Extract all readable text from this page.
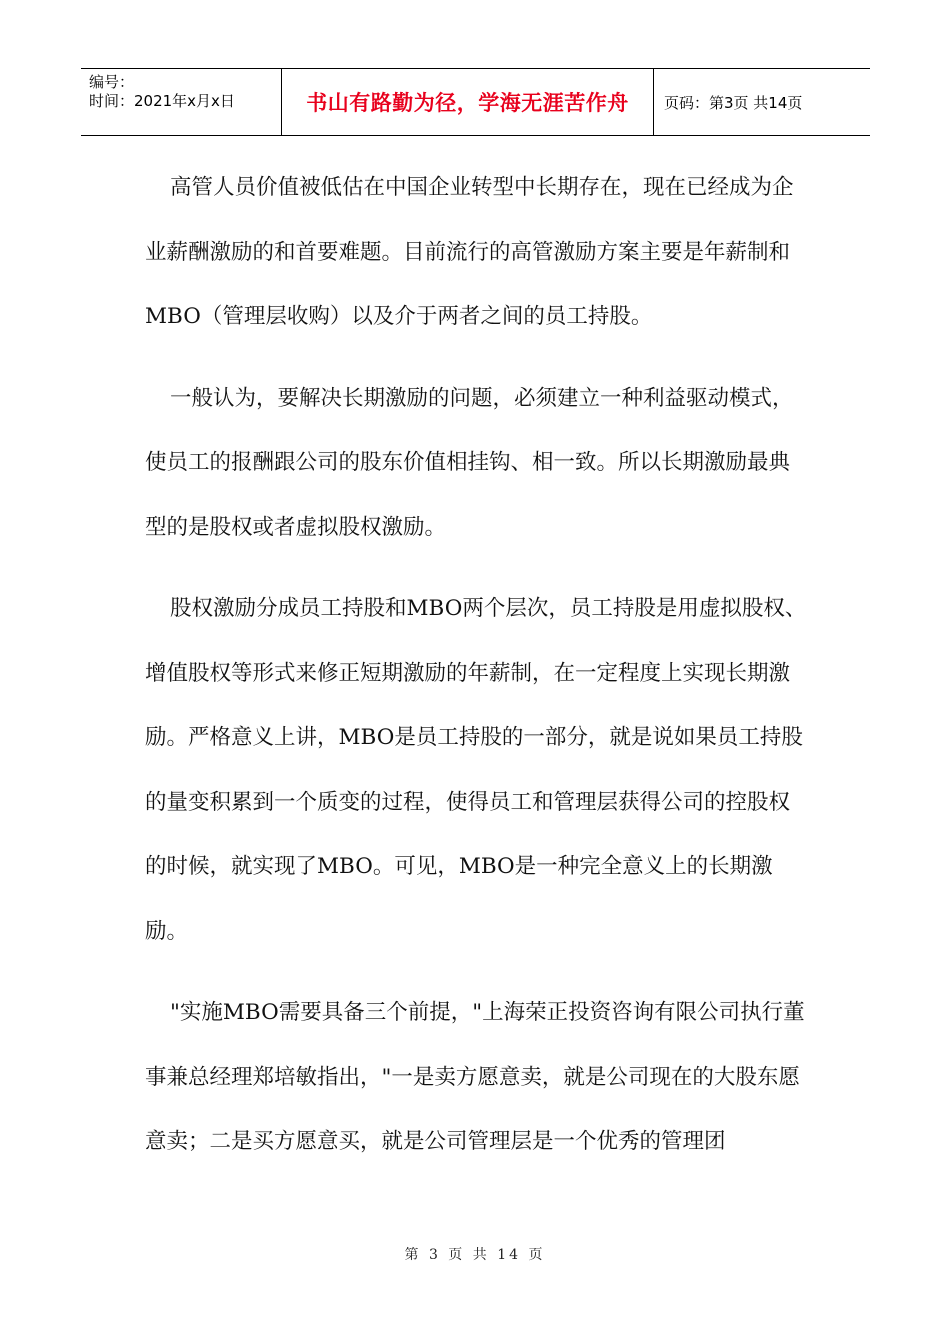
编号：
时间：2021年x月x日	书山有路勤为径，学海无涯苦作舟 页码：第3页 共14页

高管人员价值被低估在中国企业转型中长期存在，现在已经成为企业薪酬激励的和首要难题。目前流行的高管激励方案主要是年薪制和MBO（管理层收购）以及介于两者之间的员工持股。

一般认为，要解决长期激励的问题，必须建立一种利益驱动模式，使员工的报酬跟公司的股东价值相挂钩、相一致。所以长期激励最典型的是股权或者虚拟股权激励。

股权激励分成员工持股和MBO两个层次，员工持股是用虚拟股权、增值股权等形式来修正短期激励的年薪制，在一定程度上实现长期激励。严格意义上讲，MBO是员工持股的一部分，就是说如果员工持股的量变积累到一个质变的过程，使得员工和管理层获得公司的控股权的时候，就实现了MBO。可见，MBO是一种完全意义上的长期激励。

"实施MBO需要具备三个前提，"上海荣正投资咨询有限公司执行董事兼总经理郑培敏指出，"一是卖方愿意卖，就是公司现在的大股东愿意卖；二是买方愿意买，就是公司管理层是一个优秀的管理团

第 3 页 共 14 页
